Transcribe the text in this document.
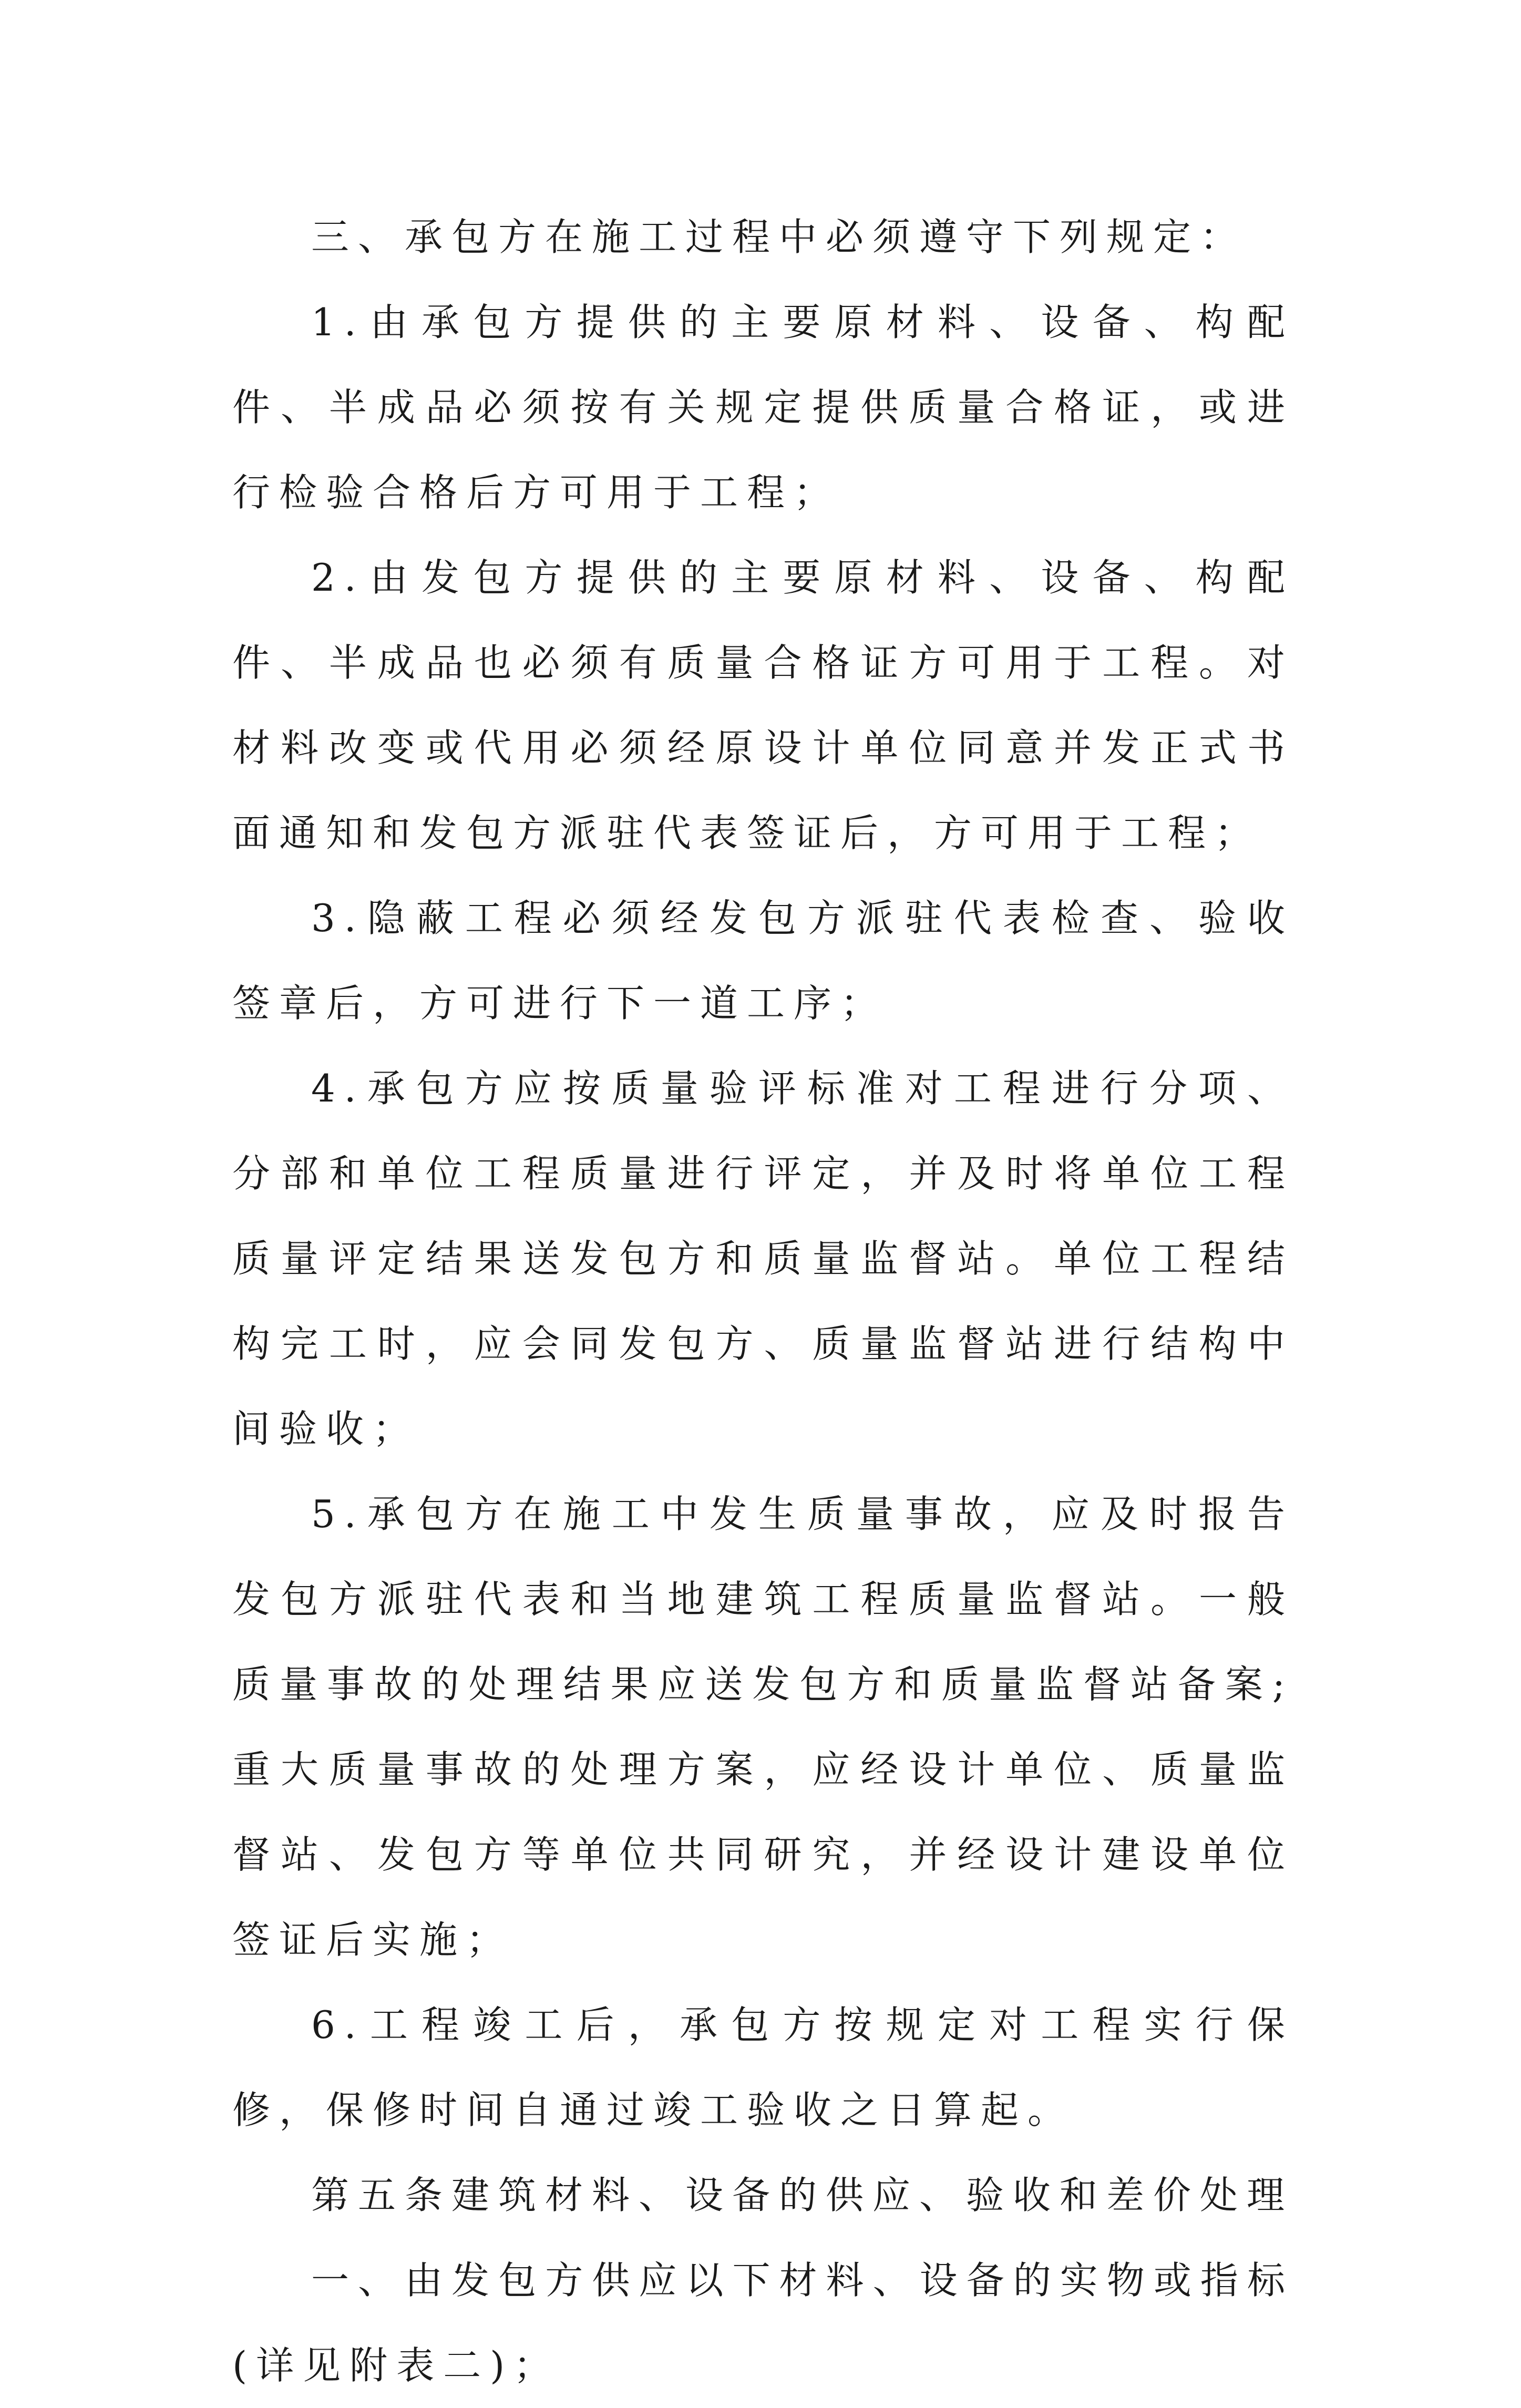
三、承包方在施工过程中必须遵守下列规定：

1.由承包方提供的主要原材料、设备、构配件、半成品必须按有关规定提供质量合格证，或进行检验合格后方可用于工程；

2.由发包方提供的主要原材料、设备、构配件、半成品也必须有质量合格证方可用于工程。对材料改变或代用必须经原设计单位同意并发正式书面通知和发包方派驻代表签证后，方可用于工程；

3.隐蔽工程必须经发包方派驻代表检查、验收签章后，方可进行下一道工序；

4.承包方应按质量验评标准对工程进行分项、分部和单位工程质量进行评定，并及时将单位工程质量评定结果送发包方和质量监督站。单位工程结构完工时，应会同发包方、质量监督站进行结构中间验收；

5.承包方在施工中发生质量事故，应及时报告发包方派驻代表和当地建筑工程质量监督站。一般质量事故的处理结果应送发包方和质量监督站备案;重大质量事故的处理方案，应经设计单位、质量监督站、发包方等单位共同研究，并经设计建设单位签证后实施；

6.工程竣工后，承包方按规定对工程实行保修，保修时间自通过竣工验收之日算起。

第五条建筑材料、设备的供应、验收和差价处理

一、由发包方供应以下材料、设备的实物或指标(详见附表二)；
